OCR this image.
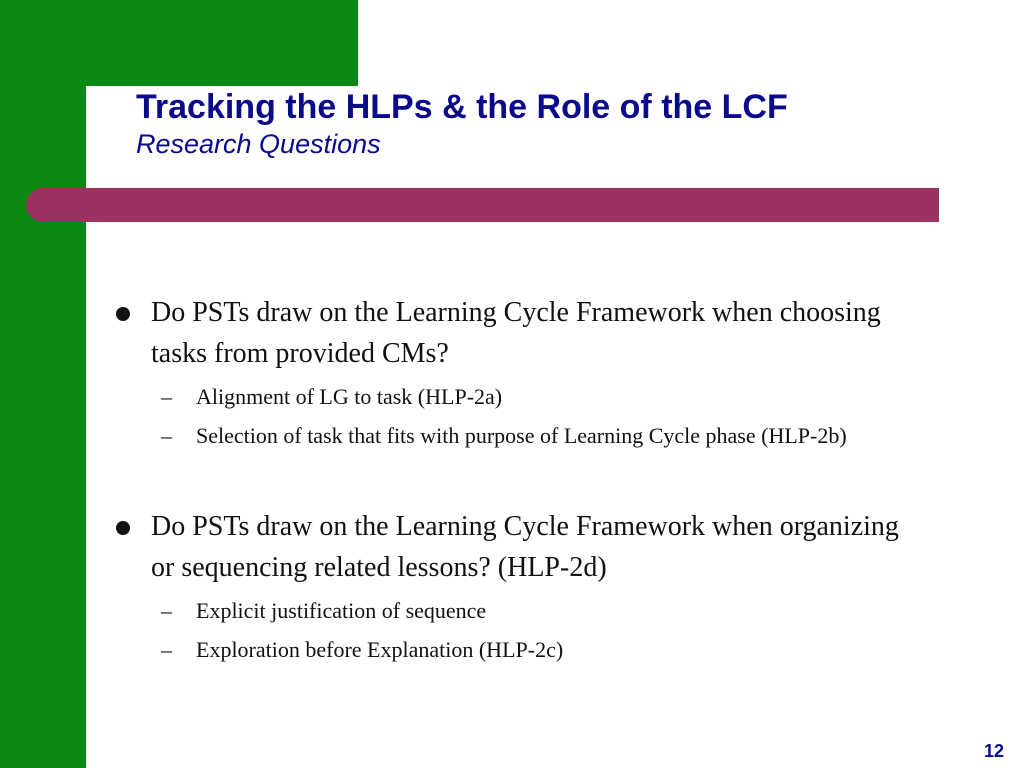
Tracking the HLPs & the Role of the LCF
Research Questions
Do PSTs draw on the Learning Cycle Framework when choosing tasks from provided CMs?
–	Alignment of LG to task (HLP-2a)
–	Selection of task that fits with purpose of Learning Cycle phase (HLP-2b)
Do PSTs draw on the Learning Cycle Framework when organizing or sequencing related lessons? (HLP-2d)
–	Explicit justification of sequence
–	Exploration before Explanation (HLP-2c)
12
